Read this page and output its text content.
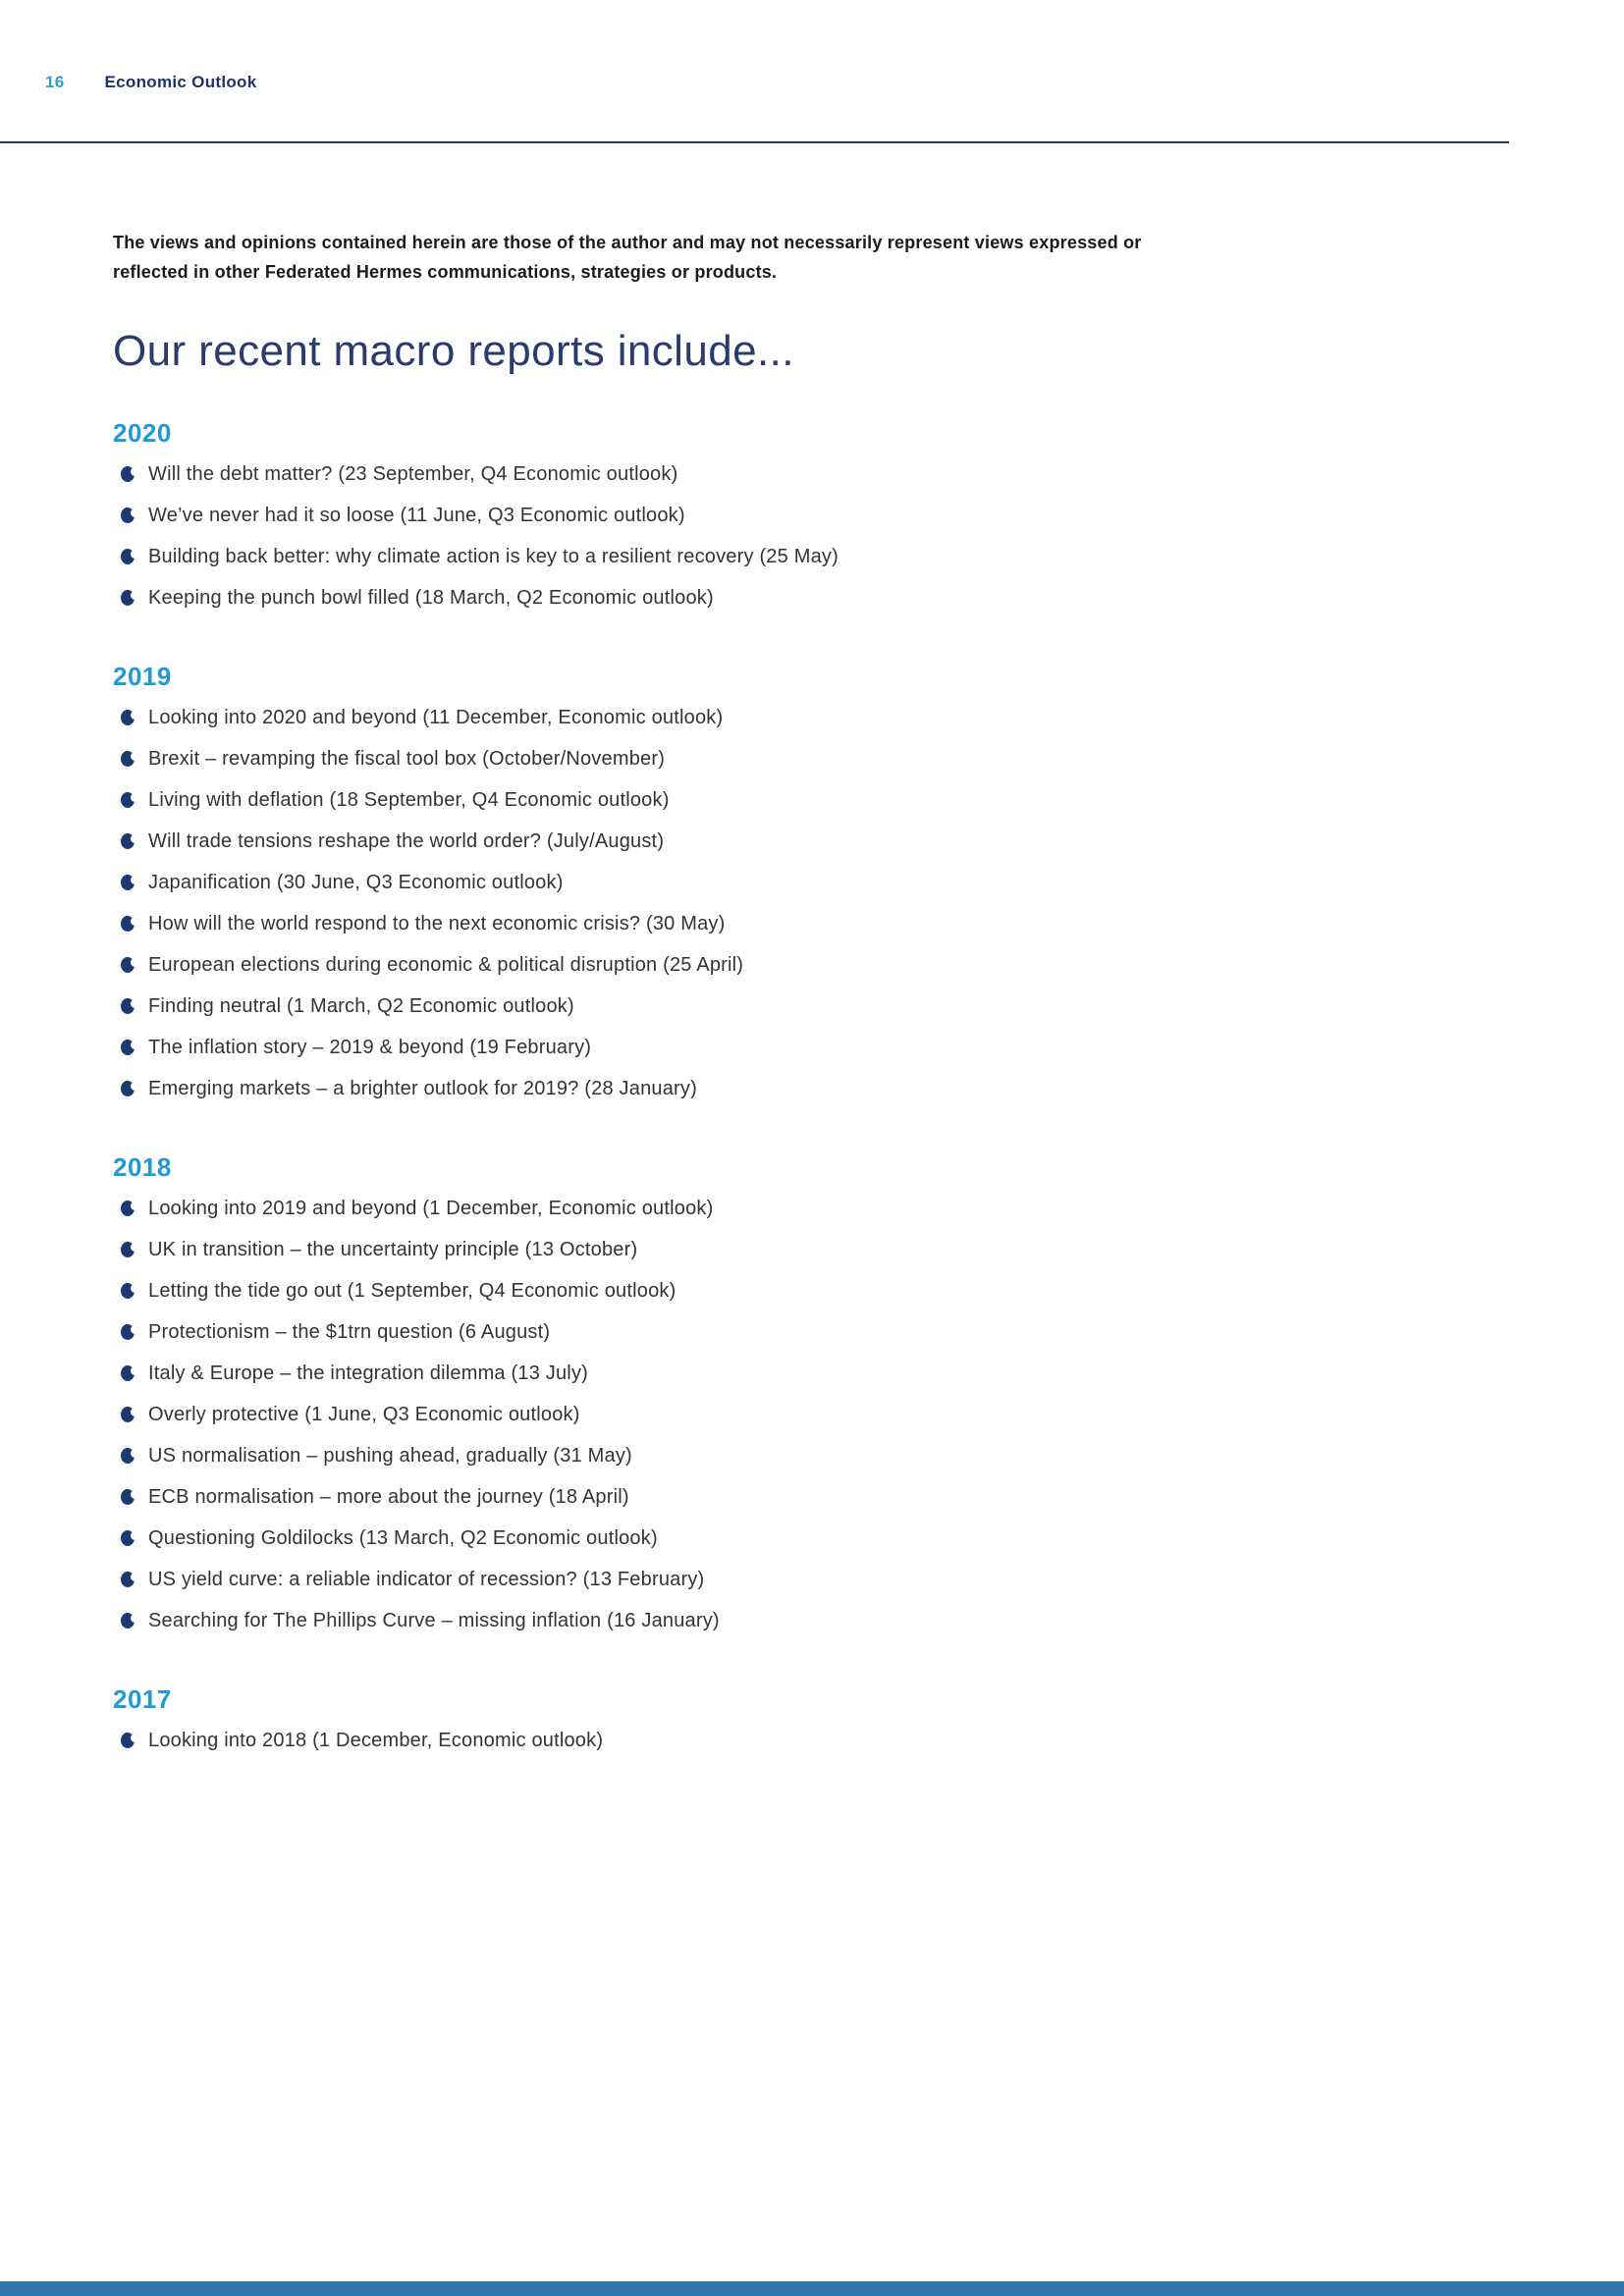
16 Economic Outlook

The views and opinions contained herein are those of the author and may not necessarily represent views expressed or
reflected in other Federated Hermes communications, strategies or products.

Our recent macro reports include...
2020
Will the debt matter? (23 September, Q4 Economic outlook)
We’ve never had it so loose (11 June, Q3 Economic outlook)
Building back better: why climate action is key to a resilient recovery (25 May)
Keeping the punch bowl filled (18 March, Q2 Economic outlook)
2019
Looking into 2020 and beyond (11 December, Economic outlook)
Brexit – revamping the fiscal tool box (October/November)
Living with deflation (18 September, Q4 Economic outlook)
Will trade tensions reshape the world order? (July/August)
Japanification (30 June, Q3 Economic outlook)
How will the world respond to the next economic crisis? (30 May)
European elections during economic & political disruption (25 April)
Finding neutral (1 March, Q2 Economic outlook)
The inflation story – 2019 & beyond (19 February)
Emerging markets – a brighter outlook for 2019? (28 January)
2018
Looking into 2019 and beyond (1 December, Economic outlook)
UK in transition – the uncertainty principle (13 October)
Letting the tide go out (1 September, Q4 Economic outlook)
Protectionism – the $1trn question (6 August)
Italy & Europe – the integration dilemma (13 July)
Overly protective (1 June, Q3 Economic outlook)
US normalisation – pushing ahead, gradually (31 May)
ECB normalisation – more about the journey (18 April)
Questioning Goldilocks (13 March, Q2 Economic outlook)
US yield curve: a reliable indicator of recession? (13 February)
Searching for The Phillips Curve – missing inflation (16 January)
2017
Looking into 2018 (1 December, Economic outlook)
